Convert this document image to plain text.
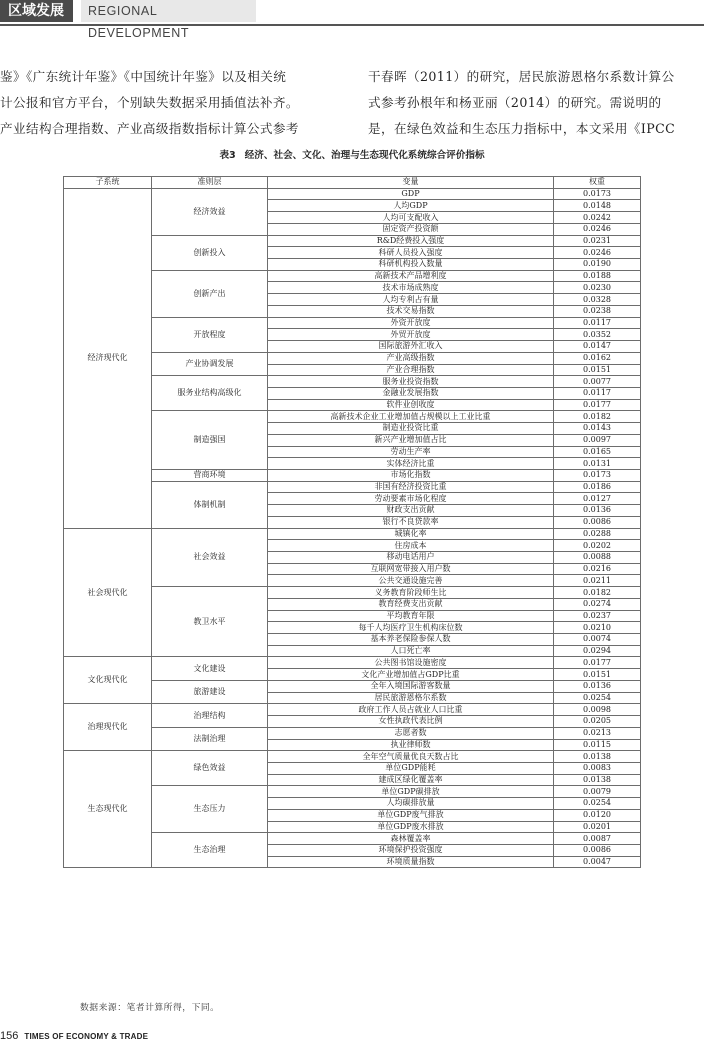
区域发展	REGIONAL DEVELOPMENT

鉴》《广东统计年鉴》《中国统计年鉴》以及相关统

计公报和官方平台，个别缺失数据采用插值法补齐。

产业结构合理指数、产业高级指数指标计算公式参考

干春晖（2011）的研究，居民旅游恩格尔系数计算公

式参考孙根年和杨亚丽（2014）的研究。需说明的

是，在绿色效益和生态压力指标中，本文采用《IPCC

表3 经济、社会、文化、治理与生态现代化系统综合评价指标
子系统	准则层	变量	权重
经济现代化	经济效益	GDP	0.0173
		人均GDP	0.0148
		人均可支配收入	0.0242
		固定资产投资额	0.0246
	创新投入	R&D经费投入强度	0.0231
		科研人员投入强度	0.0246
		科研机构投入数量	0.0190
	创新产出	高新技术产品增利度	0.0188
		技术市场成熟度	0.0230
		人均专利占有量	0.0328
		技术交易指数	0.0238
	开放程度	外资开放度	0.0117
		外贸开放度	0.0352
		国际旅游外汇收入	0.0147
	产业协调发展	产业高级指数	0.0162
		产业合理指数	0.0151
	服务业结构高级化	服务业投资指数	0.0077
		金融业发展指数	0.0117
		软件业创收度	0.0177
	制造强国	高新技术企业工业增加值占规模以上工业比重	0.0182
		制造业投资比重	0.0143
		新兴产业增加值占比	0.0097
		劳动生产率	0.0165
		实体经济比重	0.0131
	营商环境	市场化指数	0.0173
	体制机制	非国有经济投资比重	0.0186
		劳动要素市场化程度	0.0127
		财政支出贡献	0.0136
		银行不良贷款率	0.0086
社会现代化	社会效益	城镇化率	0.0288
		住房成本	0.0202
		移动电话用户	0.0088
		互联网宽带接入用户数	0.0216
		公共交通设施完善	0.0211
	教卫水平	义务教育阶段师生比	0.0182
		教育经费支出贡献	0.0274
		平均教育年限	0.0237
		每千人均医疗卫生机构床位数	0.0210
		基本养老保险参保人数	0.0074
		人口死亡率	0.0294
文化现代化	文化建设	公共图书馆设施密度	0.0177
		文化产业增加值占GDP比重	0.0151
	旅游建设	全年入境国际游客数量	0.0136
		居民旅游恩格尔系数	0.0254
治理现代化	治理结构	政府工作人员占就业人口比重	0.0098
		女性执政代表比例	0.0205
	法制治理	志愿者数	0.0213
		执业律师数	0.0115
生态现代化	绿色效益	全年空气质量优良天数占比	0.0138
		单位GDP能耗	0.0083
		建成区绿化覆盖率	0.0138
	生态压力	单位GDP碳排放	0.0079
		人均碳排放量	0.0254
		单位GDP废气排放	0.0120
		单位GDP废水排放	0.0201
	生态治理	森林覆盖率	0.0087
		环境保护投资强度	0.0086
		环境质量指数	0.0047
数据来源：笔者计算所得，下同。
156 TIMES OF ECONOMY & TRADE
